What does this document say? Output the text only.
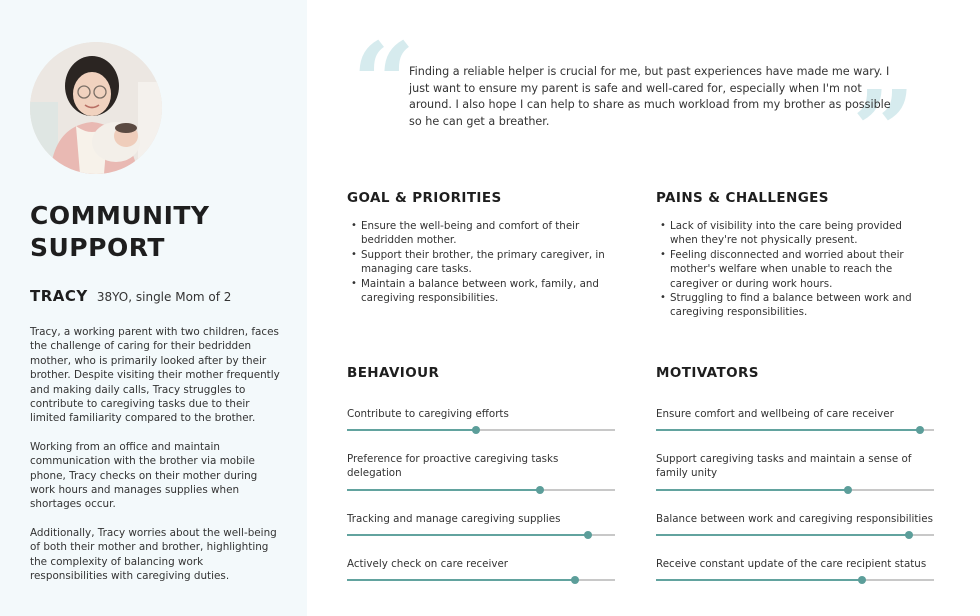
COMMUNITY SUPPORT
TRACY 38YO, single Mom of 2

Tracy, a working parent with two children, faces the challenge of caring for their bedridden mother, who is primarily looked after by their brother. Despite visiting their mother frequently and making daily calls, Tracy struggles to contribute to caregiving tasks due to their limited familiarity compared to the brother.

Working from an office and maintain communication with the brother via mobile phone, Tracy checks on their mother during work hours and manages supplies when shortages occur.

Additionally, Tracy worries about the well-being of both their mother and brother, highlighting the complexity of balancing work responsibilities with caregiving duties.

“	”

Finding a reliable helper is crucial for me, but past experiences have made me wary. I just want to ensure my parent is safe and well-cared for, especially when I'm not around. I also hope I can help to share as much workload from my brother as possible so he can get a breather.

GOAL & PRIORITIES
• Ensure the well-being and comfort of their bedridden mother.
• Support their brother, the primary caregiver, in managing care tasks.
• Maintain a balance between work, family, and caregiving responsibilities.
PAINS & CHALLENGES
• Lack of visibility into the care being provided when they're not physically present.
• Feeling disconnected and worried about their mother's welfare when unable to reach the caregiver or during work hours.
• Struggling to find a balance between work and caregiving responsibilities.
BEHAVIOUR
Contribute to caregiving efforts
Preference for proactive caregiving tasks delegation
Tracking and manage caregiving supplies
Actively check on care receiver
MOTIVATORS
Ensure comfort and wellbeing of care receiver
Support caregiving tasks and maintain a sense of family unity
Balance between work and caregiving responsibilities
Receive constant update of the care recipient status
